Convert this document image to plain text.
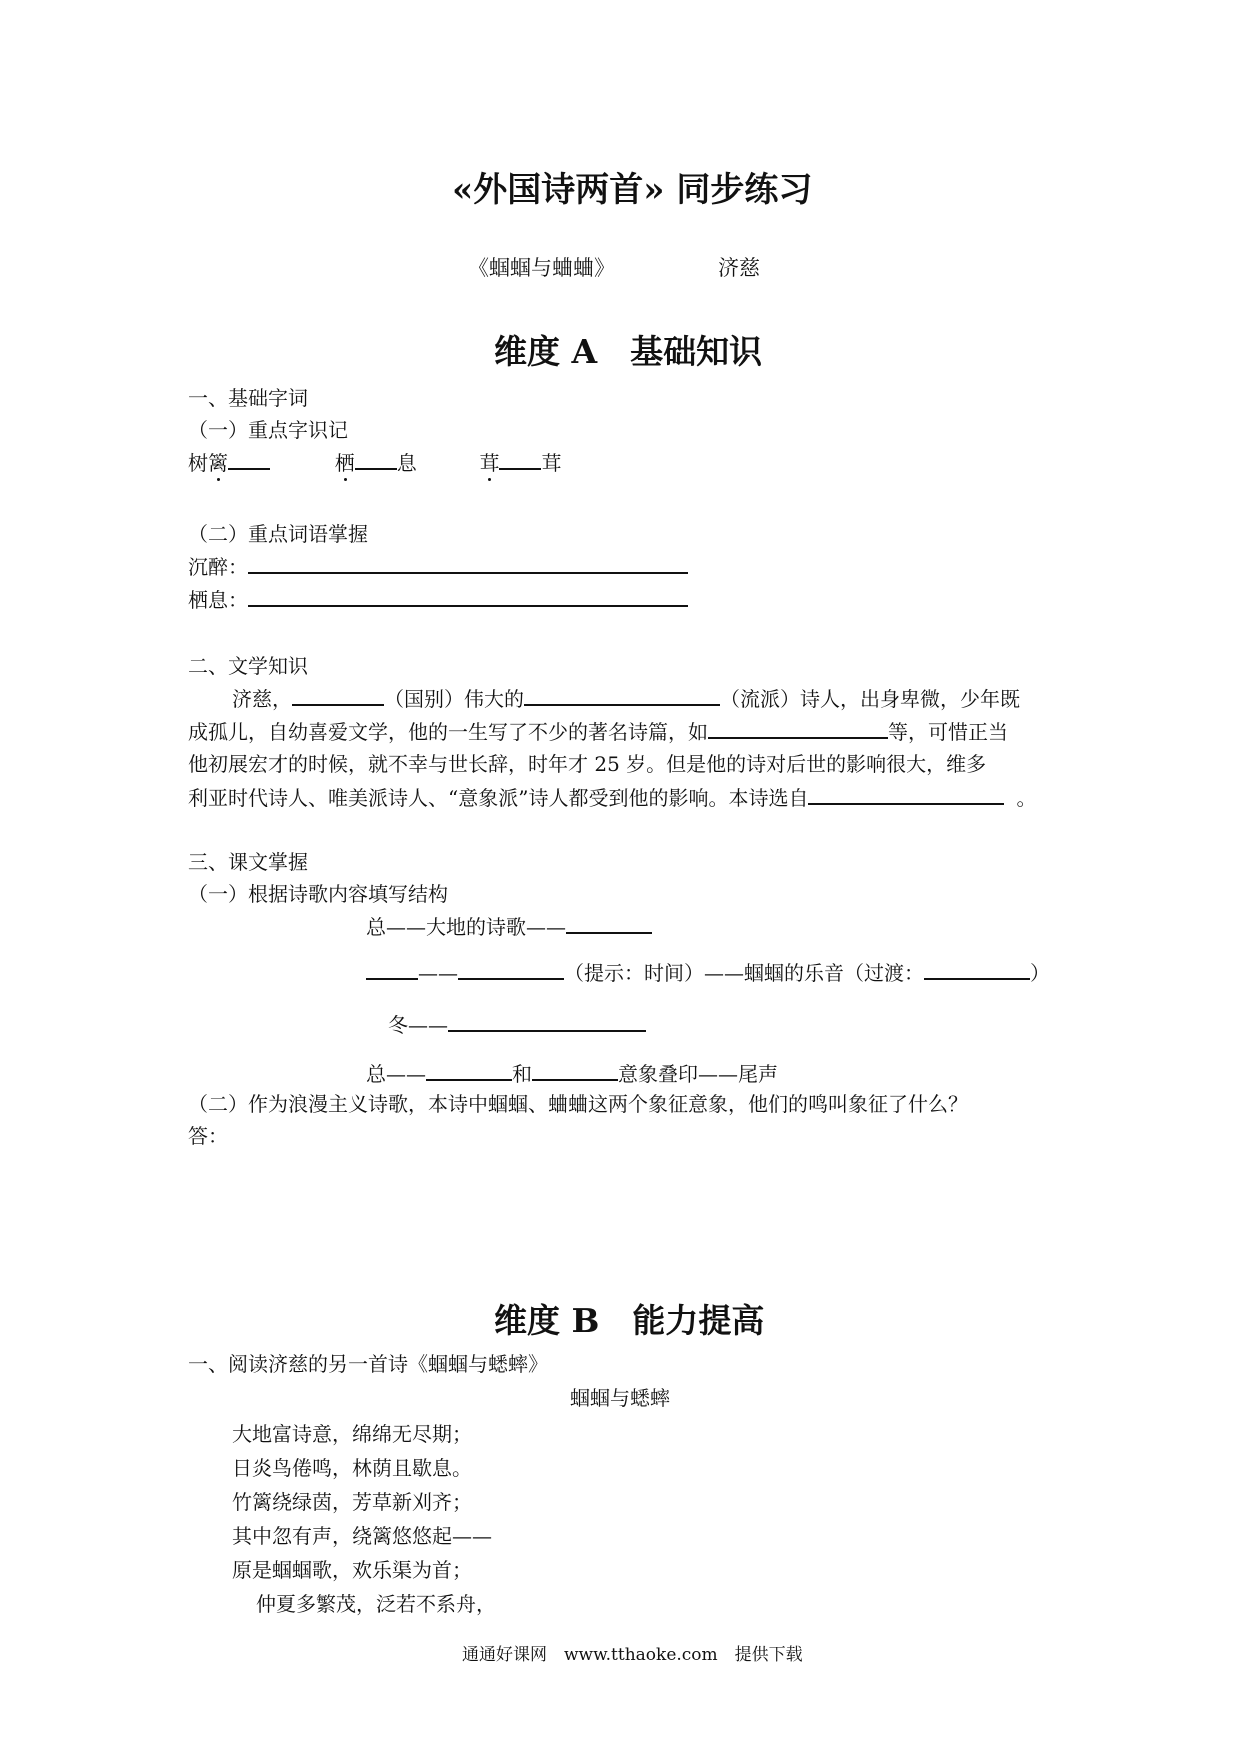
«外国诗两首» 同步练习
《蝈蝈与蛐蛐》	济慈
维度 A　基础知识
一、基础字词
（一）重点字识记
树篱	栖 息	茸 茸
（二）重点词语掌握
沉醉：
栖息：
二、文学知识
济慈，	（国别）伟大的	（流派）诗人，出身卑微，少年既
成孤儿，自幼喜爱文学，他的一生写了不少的著名诗篇，如	等，可惜正当
他初展宏才的时候，就不幸与世长辞，时年才 25 岁。但是他的诗对后世的影响很大，维多
利亚时代诗人、唯美派诗人、“意象派”诗人都受到他的影响。本诗选自	。
三、课文掌握
（一）根据诗歌内容填写结构
总——大地的诗歌——
——	（提示：时间）——蝈蝈的乐音（过渡：	）
冬——
总——	和	意象叠印——尾声
（二）作为浪漫主义诗歌，本诗中蝈蝈、蛐蛐这两个象征意象，他们的鸣叫象征了什么？
答：
维度 B　能力提高
一、阅读济慈的另一首诗《蝈蝈与蟋蟀》
蝈蝈与蟋蟀
大地富诗意，绵绵无尽期；
日炎鸟倦鸣，林荫且歇息。
竹篱绕绿茵，芳草新刈齐；
其中忽有声，绕篱悠悠起——
原是蝈蝈歌，欢乐渠为首；
仲夏多繁茂，泛若不系舟，
通通好课网　www.tthaoke.com　提供下载
